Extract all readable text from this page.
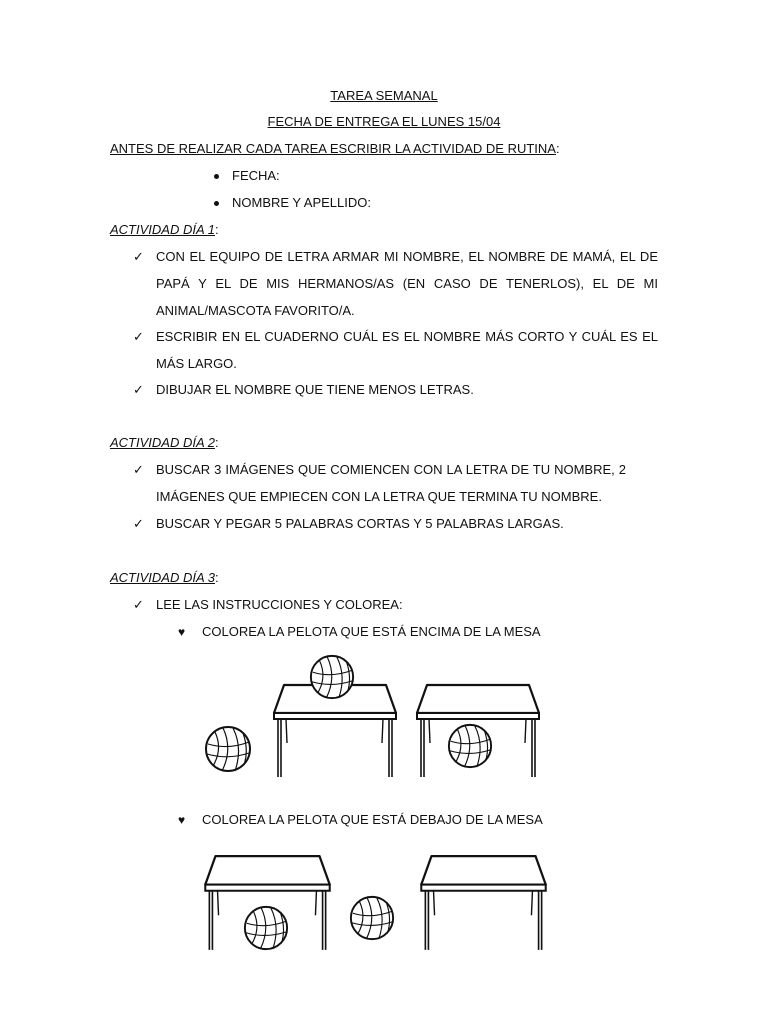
TAREA SEMANAL
FECHA DE ENTREGA EL LUNES 15/04
ANTES DE REALIZAR CADA TAREA ESCRIBIR LA ACTIVIDAD DE RUTINA:
FECHA:
NOMBRE Y APELLIDO:
ACTIVIDAD DÍA 1:
✓ CON EL EQUIPO DE LETRA ARMAR MI NOMBRE, EL NOMBRE DE MAMÁ, EL DE PAPÁ Y EL DE MIS HERMANOS/AS (EN CASO DE TENERLOS), EL DE MI ANIMAL/MASCOTA FAVORITO/A.
✓ ESCRIBIR EN EL CUADERNO CUÁL ES EL NOMBRE MÁS CORTO Y CUÁL ES EL MÁS LARGO.
✓ DIBUJAR EL NOMBRE QUE TIENE MENOS LETRAS.
ACTIVIDAD DÍA 2:
✓ BUSCAR 3 IMÁGENES QUE COMIENCEN CON LA LETRA DE TU NOMBRE, 2 IMÁGENES QUE EMPIECEN CON LA LETRA QUE TERMINA TU NOMBRE.
✓ BUSCAR Y PEGAR 5 PALABRAS CORTAS Y 5 PALABRAS LARGAS.
ACTIVIDAD DÍA 3:
✓ LEE LAS INSTRUCCIONES Y COLOREA:
♥ COLOREA LA PELOTA QUE ESTÁ ENCIMA DE LA MESA
♥ COLOREA LA PELOTA QUE ESTÁ DEBAJO DE LA MESA
